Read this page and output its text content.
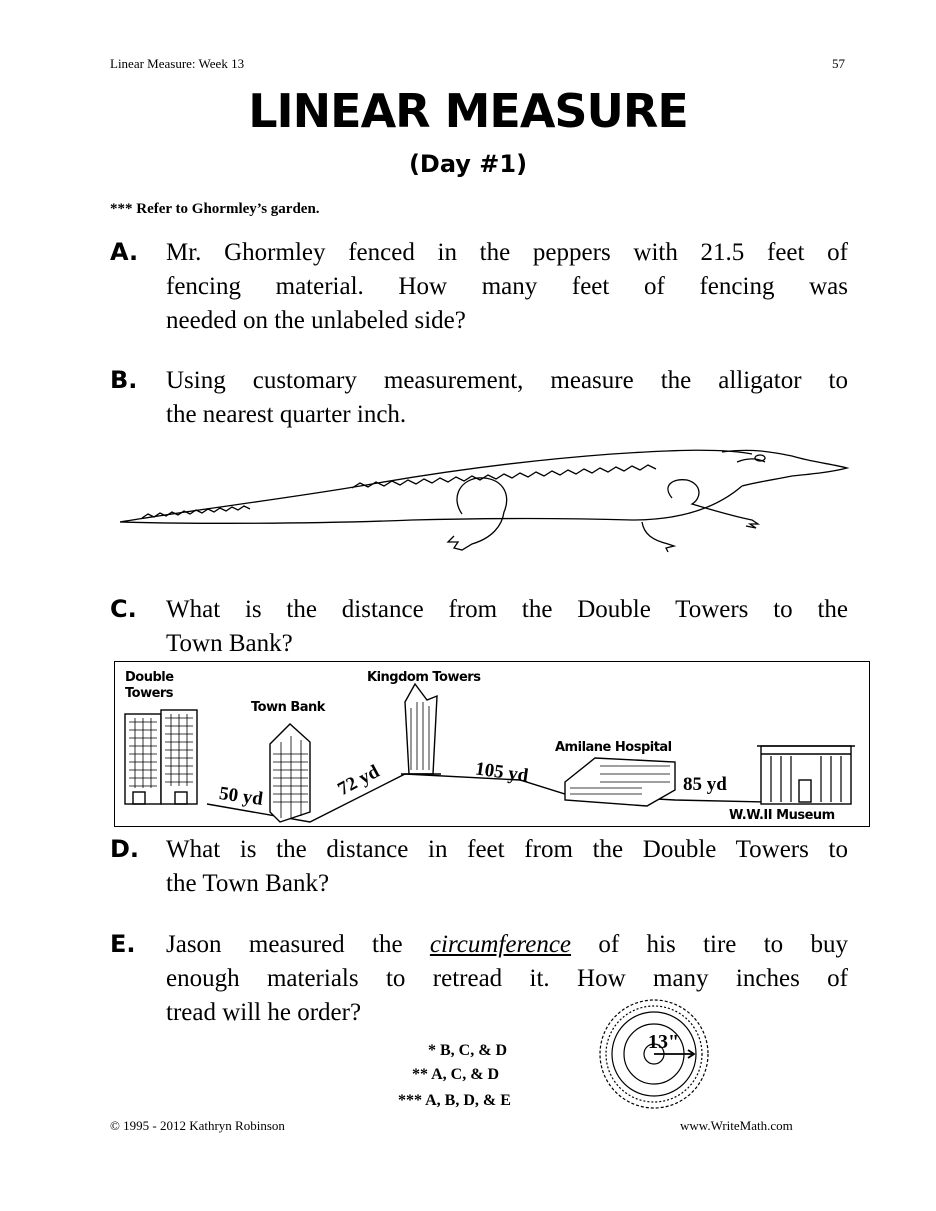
Linear Measure: Week 13	57
LINEAR MEASURE
(Day #1)
*** Refer to Ghormley’s garden.
A. Mr. Ghormley fenced in the peppers with 21.5 feet of
fencing material. How many feet of fencing was
needed on the unlabeled side?
B. Using customary measurement, measure the alligator to
the nearest quarter inch.
C. What is the distance from the Double Towers to the
Town Bank?
Double
Towers
Town Bank
Kingdom Towers
Amilane Hospital
W.W.II Museum
50 yd	72 yd	105 yd	85 yd
D. What is the distance in feet from the Double Towers to
the Town Bank?
E. Jason measured the circumference of his tire to buy
enough materials to retread it. How many inches of
tread will he order?
13"
* B, C, & D
** A, C, & D
*** A, B, D, & E
© 1995 - 2012 Kathryn Robinson	www.WriteMath.com
